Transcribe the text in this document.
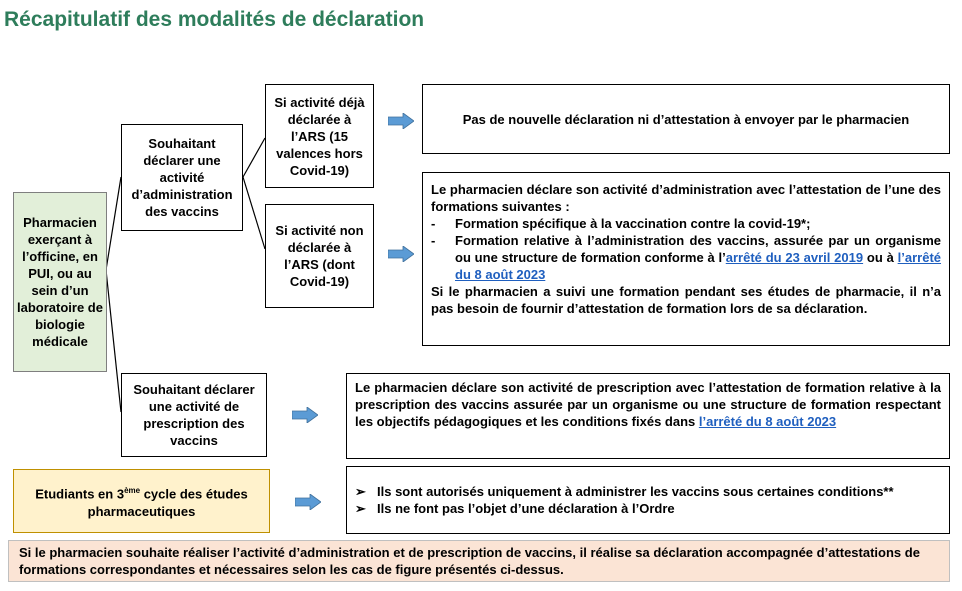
Récapitulatif des modalités de déclaration
Pharmacien exerçant à l’officine, en PUI, ou au sein d’un laboratoire de biologie médicale
Souhaitant déclarer une activité d’administration des vaccins
Si activité déjà déclarée à l’ARS (15 valences hors Covid-19)
Si activité non déclarée à l’ARS (dont Covid-19)
Pas de nouvelle déclaration ni d’attestation à envoyer par le pharmacien
Le pharmacien déclare son activité d’administration avec l’attestation de l’une des formations suivantes :
- Formation spécifique à la vaccination contre la covid-19*;
- Formation relative à l’administration des vaccins, assurée par un organisme ou une structure de formation conforme à l’arrêté du 23 avril 2019 ou à l’arrêté du 8 août 2023
Si le pharmacien a suivi une formation pendant ses études de pharmacie, il n’a pas besoin de fournir d’attestation de formation lors de sa déclaration.
Souhaitant déclarer une activité de prescription des vaccins
Le pharmacien déclare son activité de prescription avec l’attestation de formation relative à la prescription des vaccins assurée par un organisme ou une structure de formation respectant les objectifs pédagogiques et les conditions fixés dans l’arrêté du 8 août 2023
Etudiants en 3ème cycle des études pharmaceutiques
➢ Ils sont autorisés uniquement à administrer les vaccins sous certaines conditions**
➢ Ils ne font pas l’objet d’une déclaration à l’Ordre
Si le pharmacien souhaite réaliser l’activité d’administration et de prescription de vaccins, il réalise sa déclaration accompagnée d’attestations de formations correspondantes et nécessaires selon les cas de figure présentés ci-dessus.
